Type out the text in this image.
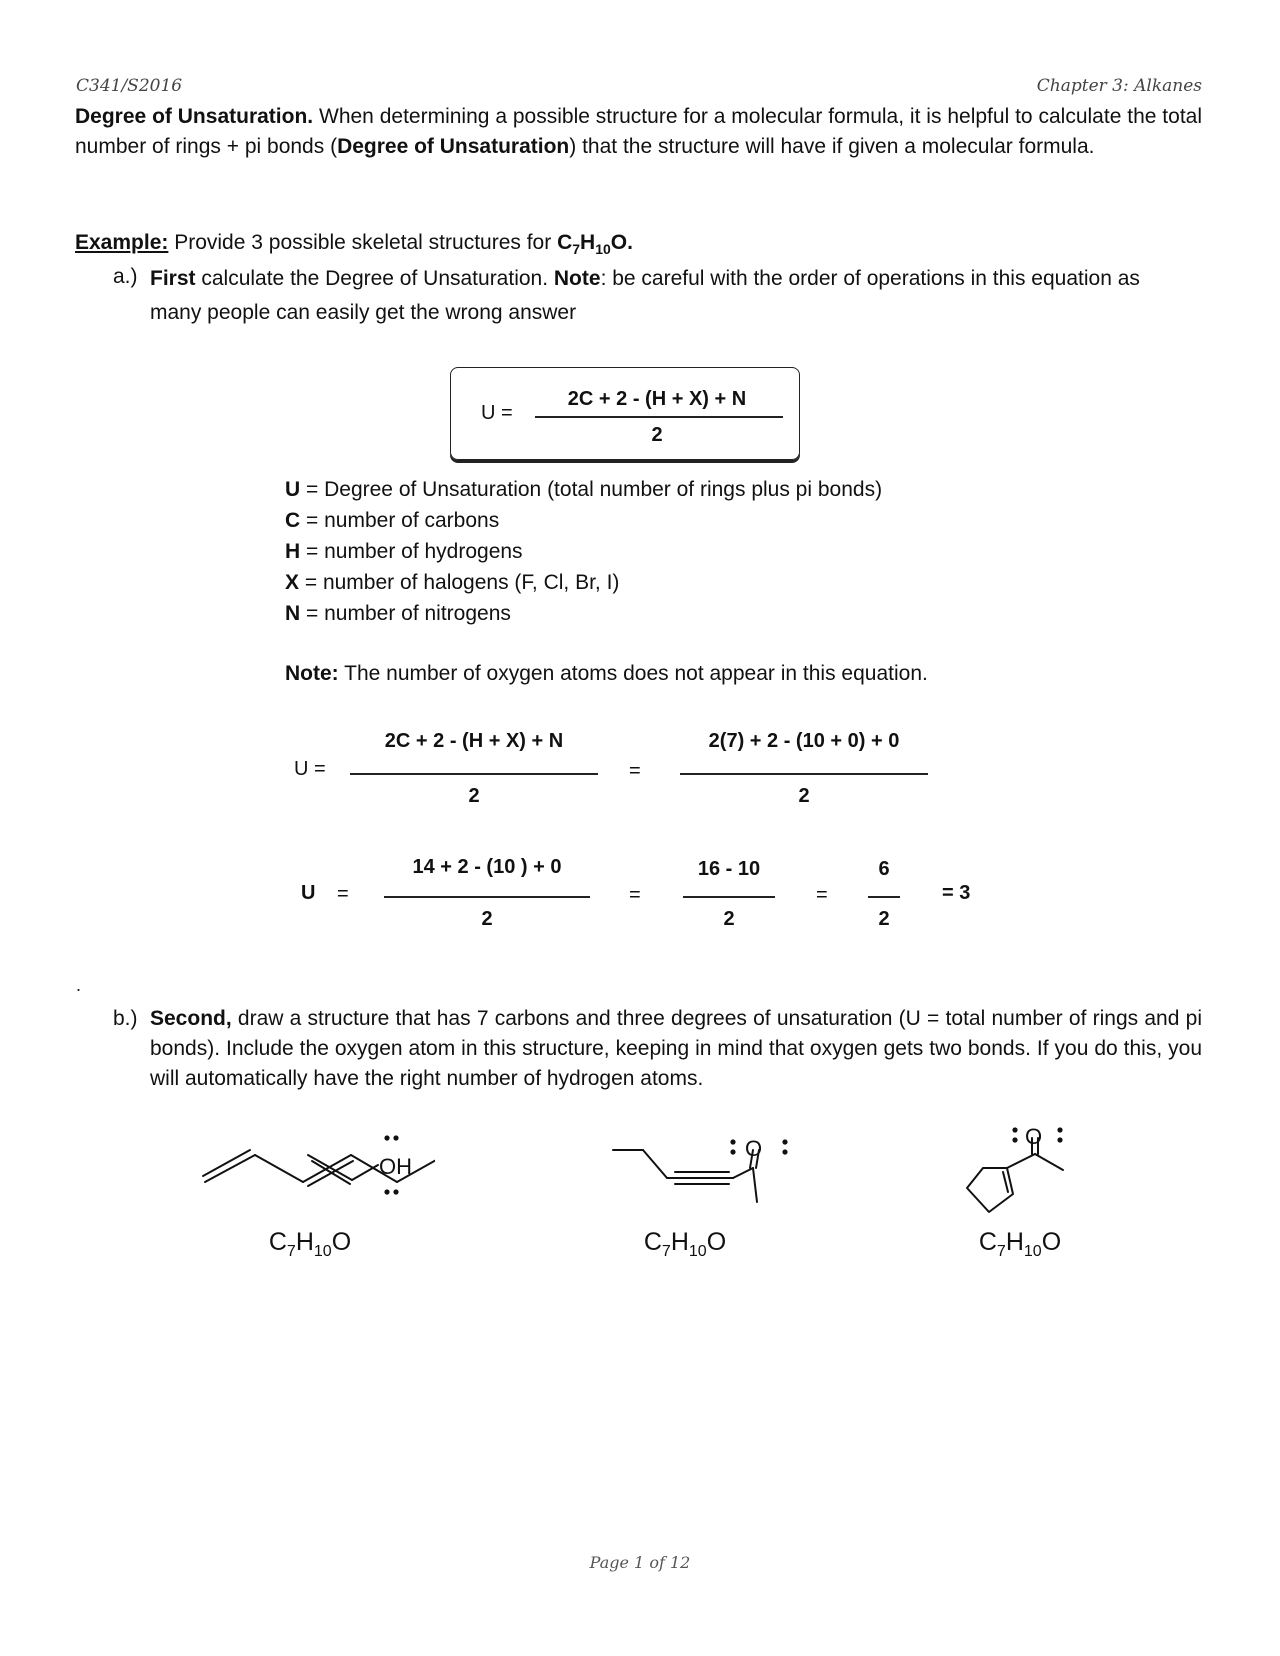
C341/S2016	Chapter 3: Alkanes
Degree of Unsaturation. When determining a possible structure for a molecular formula, it is helpful to calculate the total number of rings + pi bonds (Degree of Unsaturation) that the structure will have if given a molecular formula.
Example: Provide 3 possible skeletal structures for $C_7H_{10}O$.
a.) First calculate the Degree of Unsaturation. Note: be careful with the order of operations in this equation as many people can easily get the wrong answer
U =
2C + 2 - (H + X) + N
2
U = Degree of Unsaturation (total number of rings plus pi bonds)
C = number of carbons
H = number of hydrogens
X = number of halogens (F, Cl, Br, I)
N = number of nitrogens
Note: The number of oxygen atoms does not appear in this equation.
U =
2C + 2 - (H + X) + N
2
=
2(7) + 2 - (10 + 0) + 0
2
U =
14 + 2 - (10 ) + 0
2
=
16 - 10
2
=
6
2
= 3
.
b.) Second, draw a structure that has 7 carbons and three degrees of unsaturation (U = total number of rings and pi bonds). Include the oxygen atom in this structure, keeping in mind that oxygen gets two bonds. If you do this, you will automatically have the right number of hydrogen atoms.
OH
$C_7H_{10}O$
O
$C_7H_{10}O$
O
$C_7H_{10}O$
Page 1 of 12
